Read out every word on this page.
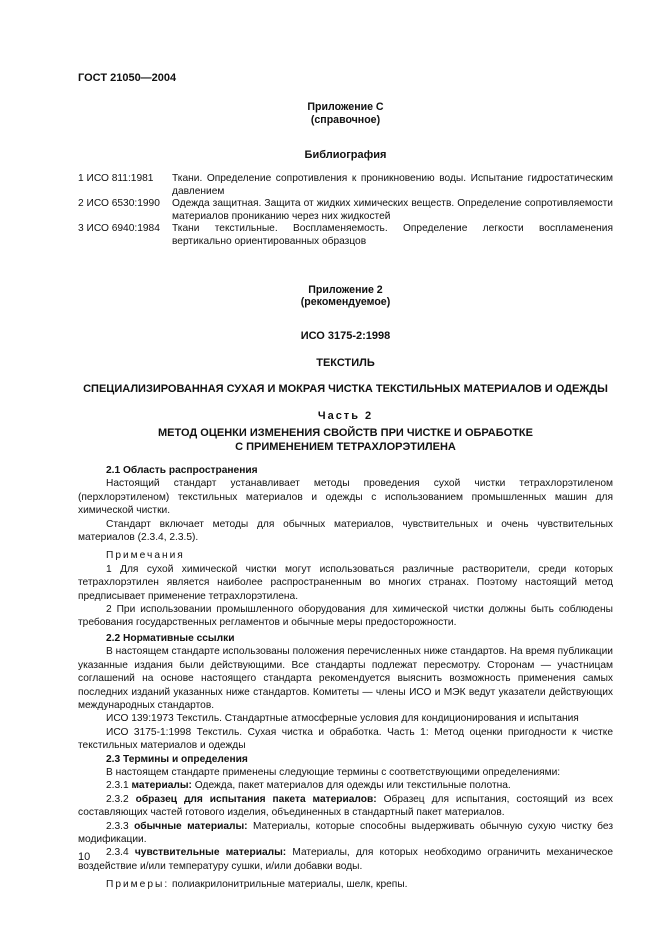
ГОСТ 21050—2004
Приложение С
(справочное)
Библиография
1 ИСО 811:1981 Ткани. Определение сопротивления к проникновению воды. Испытание гидростатическим давлением
2 ИСО 6530:1990 Одежда защитная. Защита от жидких химических веществ. Определение сопротивляемости материалов прониканию через них жидкостей
3 ИСО 6940:1984 Ткани текстильные. Воспламеняемость. Определение легкости воспламенения вертикально ориентированных образцов
Приложение 2
(рекомендуемое)
ИСО 3175-2:1998
ТЕКСТИЛЬ
СПЕЦИАЛИЗИРОВАННАЯ СУХАЯ И МОКРАЯ ЧИСТКА ТЕКСТИЛЬНЫХ МАТЕРИАЛОВ И ОДЕЖДЫ
Часть 2
МЕТОД ОЦЕНКИ ИЗМЕНЕНИЯ СВОЙСТВ ПРИ ЧИСТКЕ И ОБРАБОТКЕ
С ПРИМЕНЕНИЕМ ТЕТРАХЛОРЭТИЛЕНА

2.1 Область распространения

Настоящий стандарт устанавливает методы проведения сухой чистки тетрахлорэтиленом (перхлорэтиленом) текстильных материалов и одежды с использованием промышленных машин для химической чистки.

Стандарт включает методы для обычных материалов, чувствительных и очень чувствительных материалов (2.3.4, 2.3.5).

Примечания

1 Для сухой химической чистки могут использоваться различные растворители, среди которых тетрахлорэтилен является наиболее распространенным во многих странах. Поэтому настоящий метод предписывает применение тетрахлорэтилена.

2 При использовании промышленного оборудования для химической чистки должны быть соблюдены требования государственных регламентов и обычные меры предосторожности.

2.2 Нормативные ссылки

В настоящем стандарте использованы положения перечисленных ниже стандартов. На время публикации указанные издания были действующими. Все стандарты подлежат пересмотру. Сторонам — участницам соглашений на основе настоящего стандарта рекомендуется выяснить возможность применения самых последних изданий указанных ниже стандартов. Комитеты — члены ИСО и МЭК ведут указатели действующих международных стандартов.

ИСО 139:1973 Текстиль. Стандартные атмосферные условия для кондиционирования и испытания

ИСО 3175-1:1998 Текстиль. Сухая чистка и обработка. Часть 1: Метод оценки пригодности к чистке текстильных материалов и одежды

2.3 Термины и определения

В настоящем стандарте применены следующие термины с соответствующими определениями:

2.3.1 материалы: Одежда, пакет материалов для одежды или текстильные полотна.

2.3.2 образец для испытания пакета материалов: Образец для испытания, состоящий из всех составляющих частей готового изделия, объединенных в стандартный пакет материалов.

2.3.3 обычные материалы: Материалы, которые способны выдерживать обычную сухую чистку без модификации.

2.3.4 чувствительные материалы: Материалы, для которых необходимо ограничить механическое воздействие и/или температуру сушки, и/или добавки воды.

Примеры: полиакрилонитрильные материалы, шелк, крепы.

10
